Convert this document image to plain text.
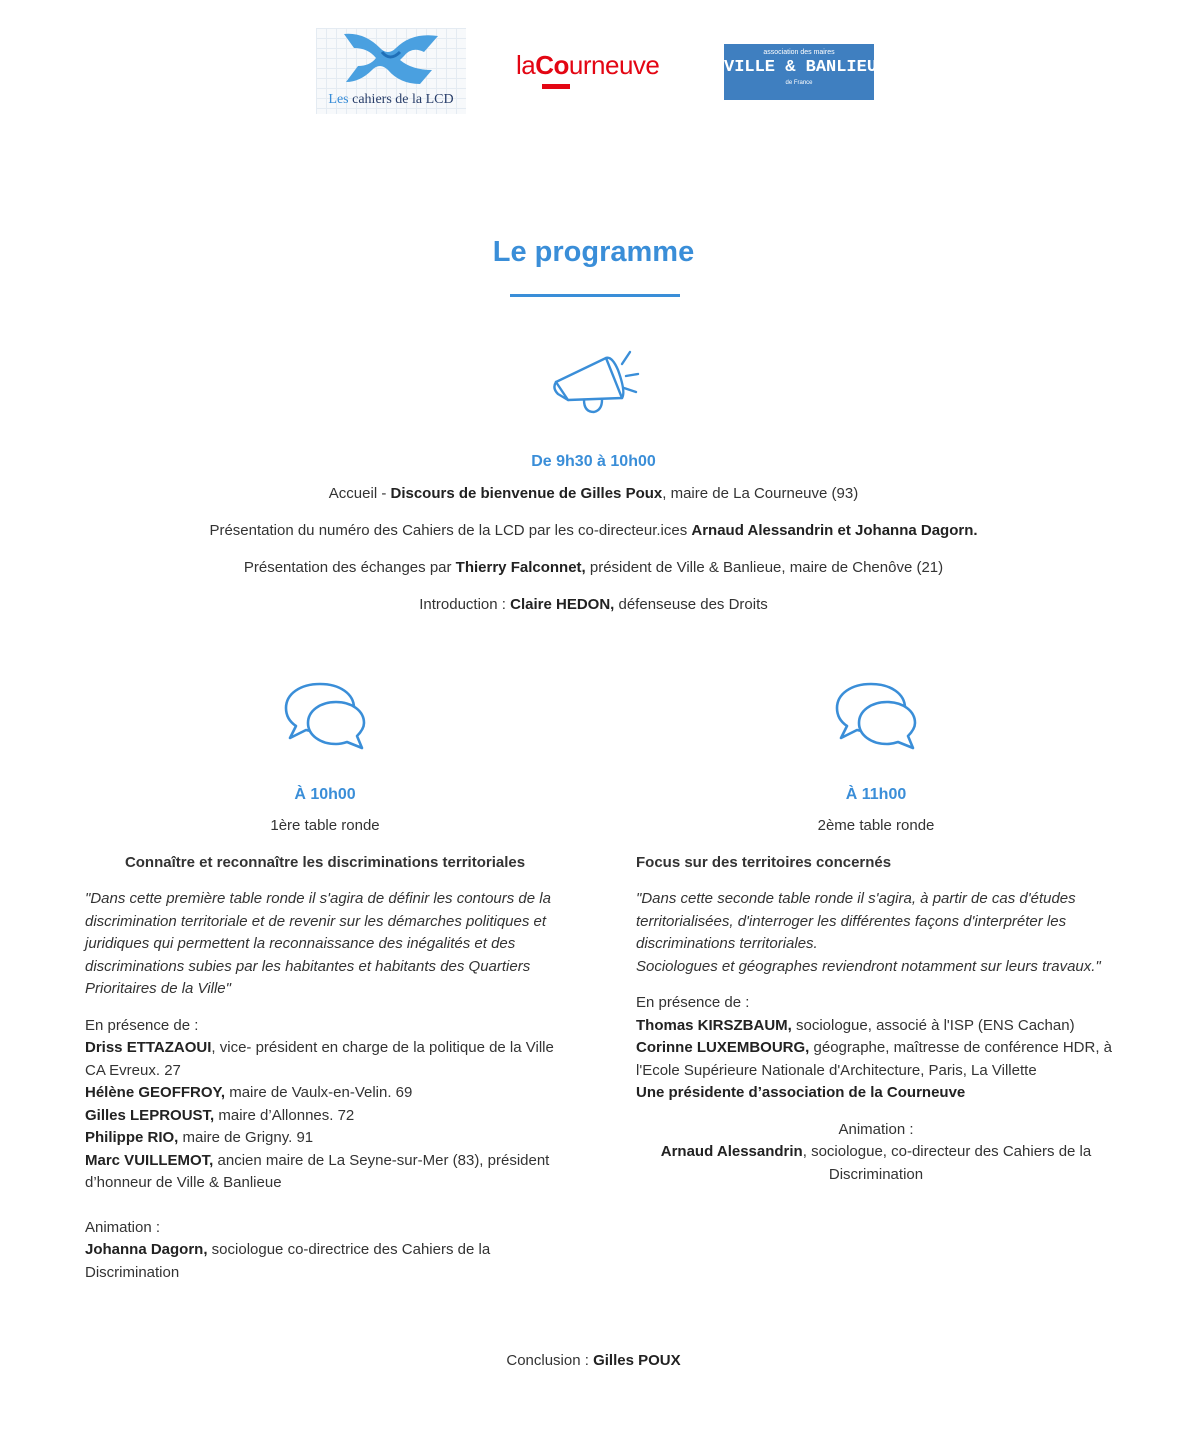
Les cahiers de la LCD
laCourneuve	association des maires
VILLE & BANLIEUE
de France
Le programme
De 9h30 à 10h00

Accueil - Discours de bienvenue de Gilles Poux, maire de La Courneuve (93)

Présentation du numéro des Cahiers de la LCD par les co-directeur.ices Arnaud Alessandrin et Johanna Dagorn.

Présentation des échanges par Thierry Falconnet, président de Ville & Banlieue, maire de Chenôve (21)

Introduction : Claire HEDON, défenseuse des Droits

À 10h00
1ère table ronde
Connaître et reconnaître les discriminations territoriales
"Dans cette première table ronde il s'agira de définir les contours de la discrimination territoriale et de revenir sur les démarches politiques et juridiques qui permettent la reconnaissance des inégalités et des discriminations subies par les habitantes et habitants des Quartiers Prioritaires de la Ville"
En présence de :
Driss ETTAZAOUI, vice- président en charge de la politique de la Ville CA Evreux. 27
Hélène GEOFFROY, maire de Vaulx-en-Velin. 69
Gilles LEPROUST, maire d’Allonnes. 72
Philippe RIO, maire de Grigny. 91
Marc VUILLEMOT, ancien maire de La Seyne-sur-Mer (83), président d’honneur de Ville & Banlieue
Animation :
Johanna Dagorn, sociologue co-directrice des Cahiers de la Discrimination
À 11h00
2ème table ronde
Focus sur des territoires concernés
"Dans cette seconde table ronde il s'agira, à partir de cas d'études territorialisées, d'interroger les différentes façons d'interpréter les discriminations territoriales.
Sociologues et géographes reviendront notamment sur leurs travaux."
En présence de :
Thomas KIRSZBAUM, sociologue, associé à l'ISP (ENS Cachan)
Corinne LUXEMBOURG, géographe, maîtresse de conférence HDR, à l'Ecole Supérieure Nationale d'Architecture, Paris, La Villette
Une présidente d’association de la Courneuve
Animation :
Arnaud Alessandrin, sociologue, co-directeur des Cahiers de la Discrimination
Conclusion : Gilles POUX
